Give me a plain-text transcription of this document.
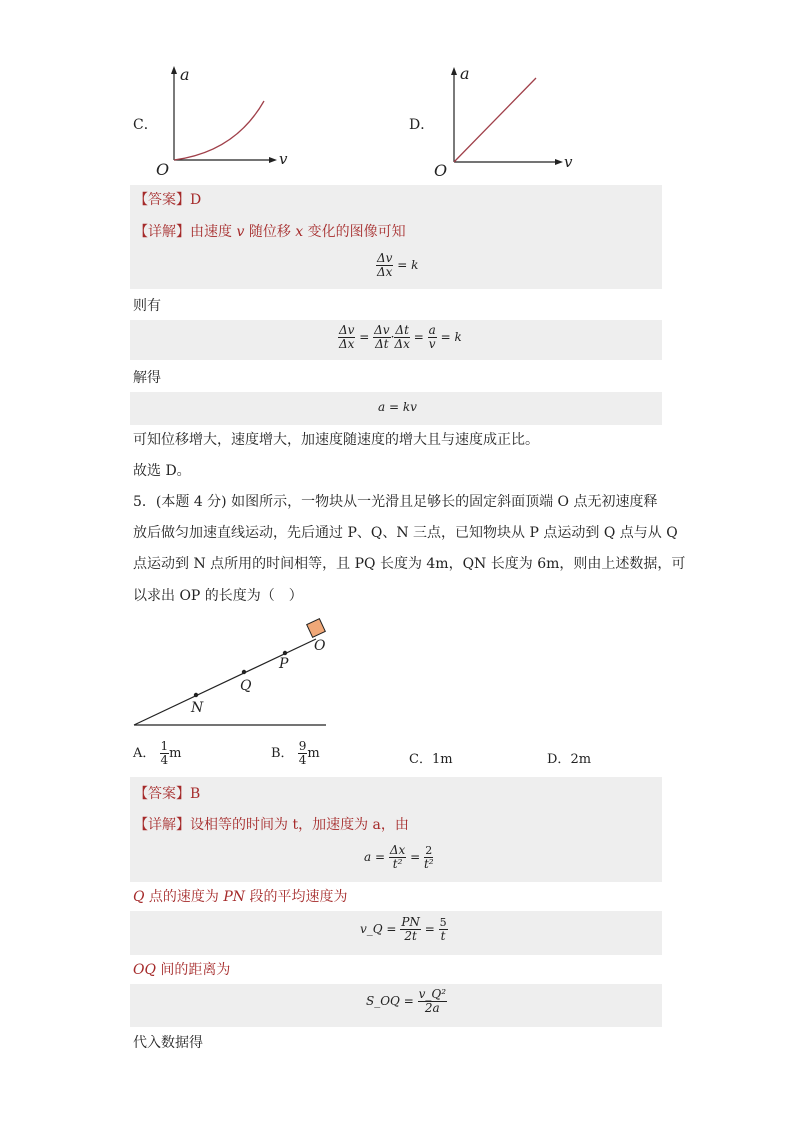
C．
a
v
O
D．
a
v
O
【答案】D
【详解】由速度 v 随位移 x 变化的图像可知
$\frac{\Delta v}{\Delta x} = k$
则有
$\frac{\Delta v}{\Delta x} = \frac{\Delta v}{\Delta t} \cdot \frac{\Delta t}{\Delta x} = \frac{a}{v} = k$
解得
a = kv
可知位移增大，速度增大，加速度随速度的增大且与速度成正比。
故选 D。
5．(本题 4 分) 如图所示，一物块从一光滑且足够长的固定斜面顶端 O 点无初速度释
放后做匀加速直线运动，先后通过 P、Q、N 三点，已知物块从 P 点运动到 Q 点与从 Q
点运动到 N 点所用的时间相等，且 PQ 长度为 4m，QN 长度为 6m，则由上述数据，可
以求出 OP 的长度为（　）
O
P
Q
N
A． $\frac{1}{4}$ m	B． $\frac{9}{4}$ m	C．1m	D．2m
【答案】B
【详解】设相等的时间为 t，加速度为 a，由
$a = \frac{\Delta x}{\text{t²}} = \frac{2}{\text{t²}}$
Q 点的速度为 PN 段的平均速度为
v_Q = $\frac{PN}{2t} = \frac{5}{t}$
OQ 间的距离为
S_OQ = $\frac{\text{v\_Q²}}{2a}$
代入数据得
